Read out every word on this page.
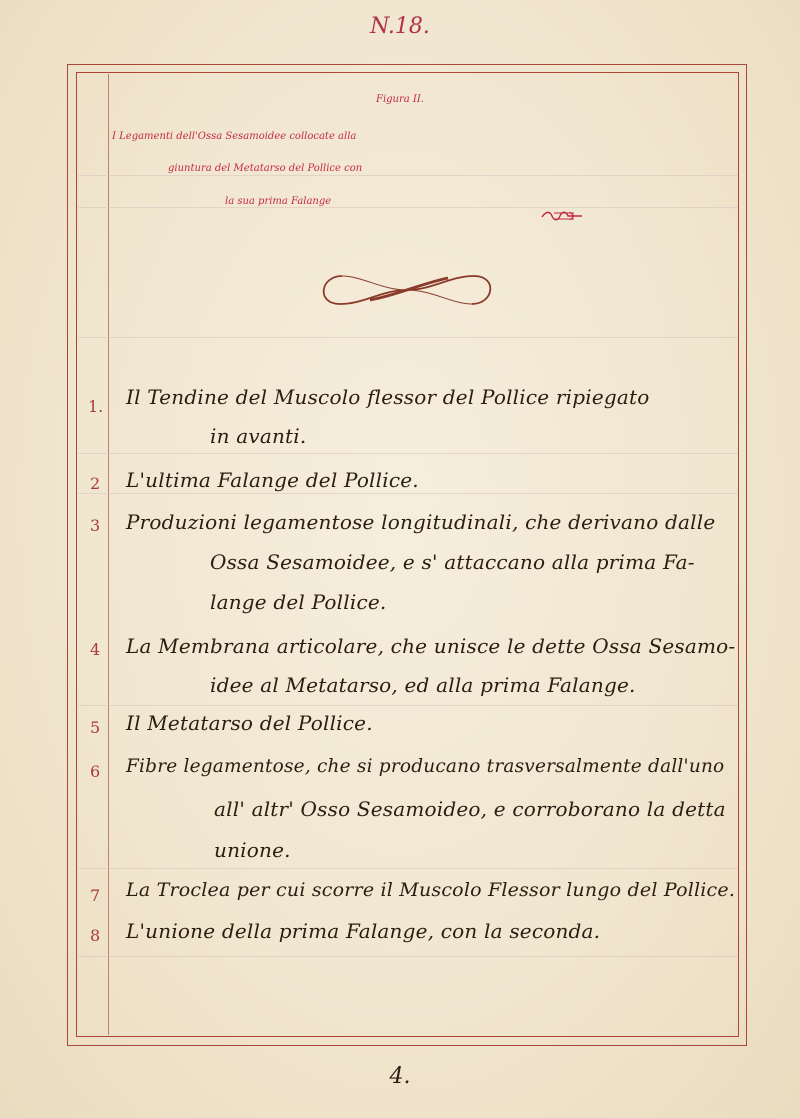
N.18.
Figura II.
I Legamenti dell'Ossa Sesamoidee collocate alla
giuntura del Metatarso del Pollice con
la sua prima Falange
1. Il Tendine del Muscolo flessor del Pollice ripiegato
in avanti.
2 L'ultima Falange del Pollice.
3 Produzioni legamentose longitudinali, che derivano dalle
Ossa Sesamoidee, e s' attaccano alla prima Fa-
lange del Pollice.
4 La Membrana articolare, che unisce le dette Ossa Sesamo-
idee al Metatarso, ed alla prima Falange.
5 Il Metatarso del Pollice.
6 Fibre legamentose, che si producano trasversalmente dall'uno
all' altr' Osso Sesamoideo, e corroborano la detta
unione.
7 La Troclea per cui scorre il Muscolo Flessor lungo del Pollice.
8 L'unione della prima Falange, con la seconda.
4.
